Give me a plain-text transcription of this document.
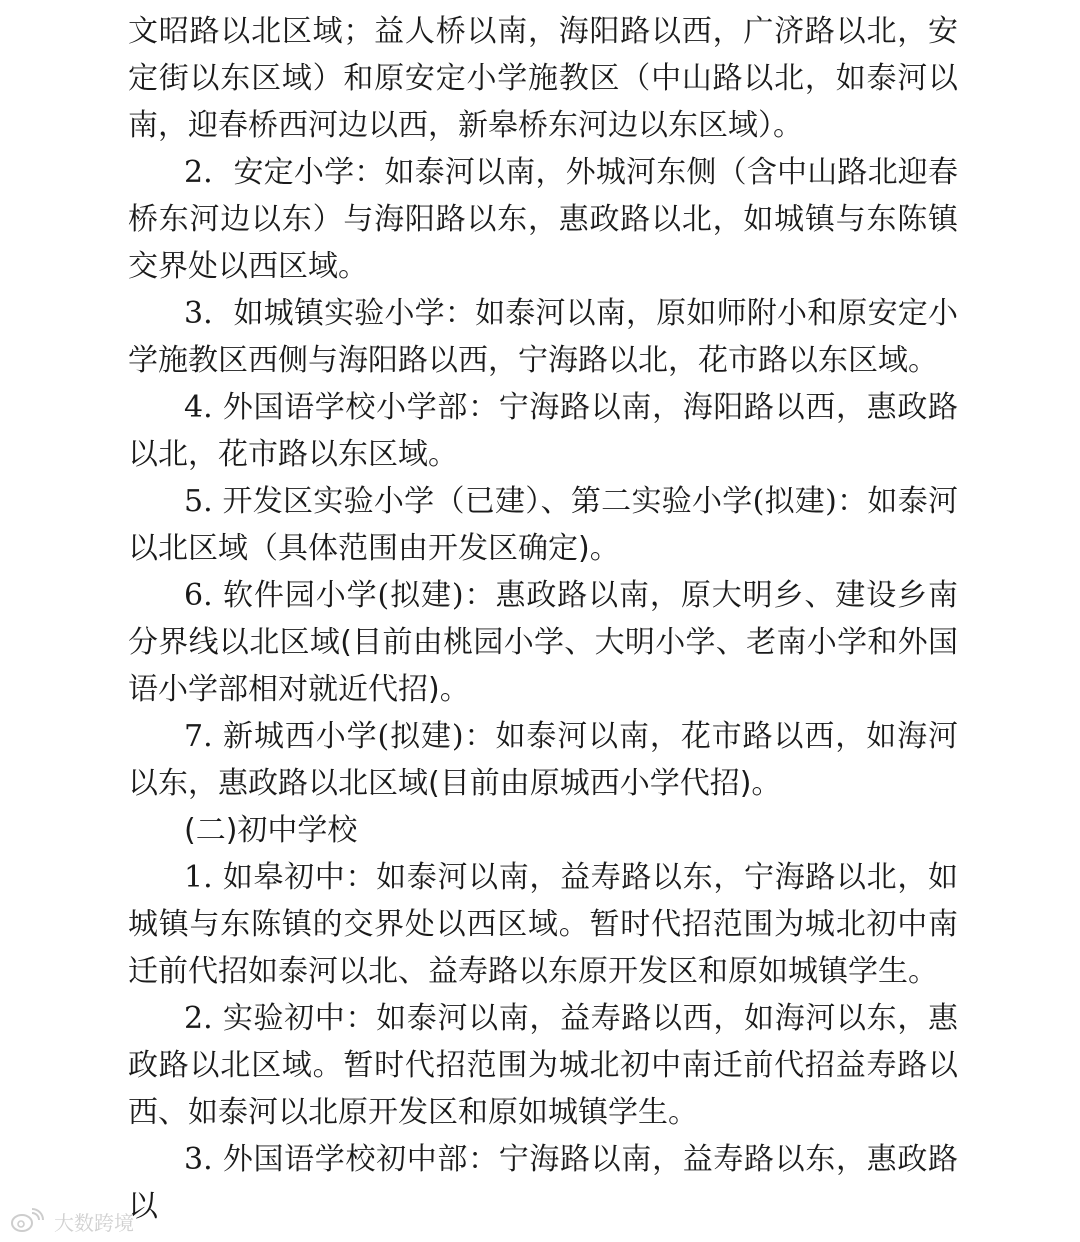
文昭路以北区域；益人桥以南，海阳路以西，广济路以北，安定街以东区域）和原安定小学施教区（中山路以北，如泰河以南，迎春桥西河边以西，新皋桥东河边以东区域）。

2．安定小学：如泰河以南，外城河东侧（含中山路北迎春桥东河边以东）与海阳路以东，惠政路以北，如城镇与东陈镇交界处以西区域。

3．如城镇实验小学：如泰河以南，原如师附小和原安定小学施教区西侧与海阳路以西，宁海路以北，花市路以东区域。

4. 外国语学校小学部：宁海路以南，海阳路以西，惠政路以北，花市路以东区域。

5. 开发区实验小学（已建）、第二实验小学(拟建)：如泰河以北区域（具体范围由开发区确定)。

6. 软件园小学(拟建)：惠政路以南，原大明乡、建设乡南分界线以北区域(目前由桃园小学、大明小学、老南小学和外国语小学部相对就近代招)。

7. 新城西小学(拟建)：如泰河以南，花市路以西，如海河以东，惠政路以北区域(目前由原城西小学代招)。

(二)初中学校

1. 如皋初中：如泰河以南，益寿路以东，宁海路以北，如城镇与东陈镇的交界处以西区域。暂时代招范围为城北初中南迁前代招如泰河以北、益寿路以东原开发区和原如城镇学生。

2. 实验初中：如泰河以南，益寿路以西，如海河以东，惠政路以北区域。暂时代招范围为城北初中南迁前代招益寿路以西、如泰河以北原开发区和原如城镇学生。

3. 外国语学校初中部：宁海路以南，益寿路以东，惠政路以

大数跨境
